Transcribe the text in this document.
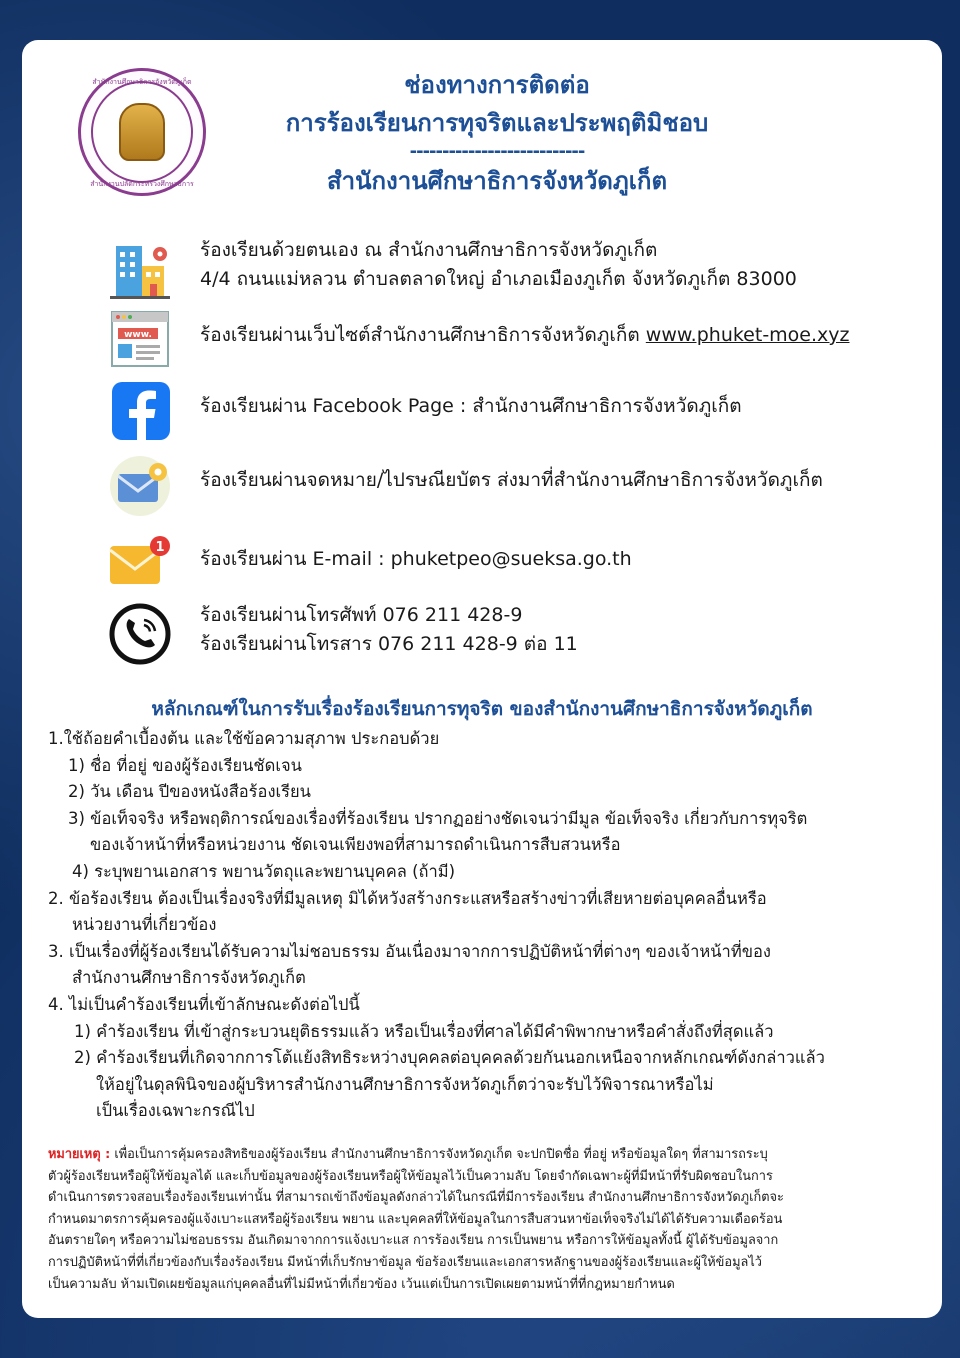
สำนักงานศึกษาธิการจังหวัดภูเก็ต
สำนักงานปลัดกระทรวงศึกษาธิการ
ช่องทางการติดต่อ
การร้องเรียนการทุจริตและประพฤติมิชอบ
---------------------------
สำนักงานศึกษาธิการจังหวัดภูเก็ต
ร้องเรียนด้วยตนเอง ณ สำนักงานศึกษาธิการจังหวัดภูเก็ต
4/4 ถนนแม่หลวน ตำบลตลาดใหญ่ อำเภอเมืองภูเก็ต จังหวัดภูเก็ต 83000
www.	ร้องเรียนผ่านเว็บไซต์สำนักงานศึกษาธิการจังหวัดภูเก็ต www.phuket-moe.xyz
ร้องเรียนผ่าน Facebook Page : สำนักงานศึกษาธิการจังหวัดภูเก็ต
ร้องเรียนผ่านจดหมาย/ไปรษณียบัตร ส่งมาที่สำนักงานศึกษาธิการจังหวัดภูเก็ต
1
ร้องเรียนผ่าน E-mail : phuketpeo@sueksa.go.th
ร้องเรียนผ่านโทรศัพท์ 076 211 428-9
ร้องเรียนผ่านโทรสาร 076 211 428-9 ต่อ 11
หลักเกณฑ์ในการรับเรื่องร้องเรียนการทุจริต ของสำนักงานศึกษาธิการจังหวัดภูเก็ต
1.ใช้ถ้อยคำเบื้องต้น และใช้ข้อความสุภาพ ประกอบด้วย
1) ชื่อ ที่อยู่ ของผู้ร้องเรียนชัดเจน
2) วัน เดือน ปีของหนังสือร้องเรียน
3) ข้อเท็จจริง หรือพฤติการณ์ของเรื่องที่ร้องเรียน ปรากฏอย่างชัดเจนว่ามีมูล ข้อเท็จจริง เกี่ยวกับการทุจริต
ของเจ้าหน้าที่หรือหน่วยงาน ชัดเจนเพียงพอที่สามารถดำเนินการสืบสวนหรือ
4) ระบุพยานเอกสาร พยานวัตถุและพยานบุคคล (ถ้ามี)
2. ข้อร้องเรียน ต้องเป็นเรื่องจริงที่มีมูลเหตุ มิได้หวังสร้างกระแสหรือสร้างข่าวที่เสียหายต่อบุคคลอื่นหรือ
หน่วยงานที่เกี่ยวข้อง
3. เป็นเรื่องที่ผู้ร้องเรียนได้รับความไม่ชอบธรรม อันเนื่องมาจากการปฏิบัติหน้าที่ต่างๆ ของเจ้าหน้าที่ของ
สำนักงานศึกษาธิการจังหวัดภูเก็ต
4. ไม่เป็นคำร้องเรียนที่เข้าลักษณะดังต่อไปนี้
1) คำร้องเรียน ที่เข้าสู่กระบวนยุติธรรมแล้ว หรือเป็นเรื่องที่ศาลได้มีคำพิพากษาหรือคำสั่งถึงที่สุดแล้ว
2) คำร้องเรียนที่เกิดจากการโต้แย้งสิทธิระหว่างบุคคลต่อบุคคลด้วยกันนอกเหนือจากหลักเกณฑ์ดังกล่าวแล้ว
ให้อยู่ในดุลพินิจของผู้บริหารสำนักงานศึกษาธิการจังหวัดภูเก็ตว่าจะรับไว้พิจารณาหรือไม่
เป็นเรื่องเฉพาะกรณีไป
หมายเหตุ : เพื่อเป็นการคุ้มครองสิทธิของผู้ร้องเรียน สำนักงานศึกษาธิการจังหวัดภูเก็ต จะปกปิดชื่อ ที่อยู่ หรือข้อมูลใดๆ ที่สามารถระบุ
ตัวผู้ร้องเรียนหรือผู้ให้ข้อมูลได้ และเก็บข้อมูลของผู้ร้องเรียนหรือผู้ให้ข้อมูลไว้เป็นความลับ โดยจำกัดเฉพาะผู้ที่มีหน้าที่รับผิดชอบในการ
ดำเนินการตรวจสอบเรื่องร้องเรียนเท่านั้น ที่สามารถเข้าถึงข้อมูลดังกล่าวได้ในกรณีที่มีการร้องเรียน สำนักงานศึกษาธิการจังหวัดภูเก็ตจะ
กำหนดมาตรการคุ้มครองผู้แจ้งเบาะแสหรือผู้ร้องเรียน พยาน และบุคคลที่ให้ข้อมูลในการสืบสวนหาข้อเท็จจริงไม่ได้ได้รับความเดือดร้อน
อันตรายใดๆ หรือความไม่ชอบธรรม อันเกิดมาจากการแจ้งเบาะแส การร้องเรียน การเป็นพยาน หรือการให้ข้อมูลทั้งนี้ ผู้ได้รับข้อมูลจาก
การปฏิบัติหน้าที่ที่เกี่ยวข้องกับเรื่องร้องเรียน มีหน้าที่เก็บรักษาข้อมูล ข้อร้องเรียนและเอกสารหลักฐานของผู้ร้องเรียนและผู้ให้ข้อมูลไว้
เป็นความลับ ห้ามเปิดเผยข้อมูลแก่บุคคลอื่นที่ไม่มีหน้าที่เกี่ยวข้อง เว้นแต่เป็นการเปิดเผยตามหน้าที่ที่กฎหมายกำหนด
